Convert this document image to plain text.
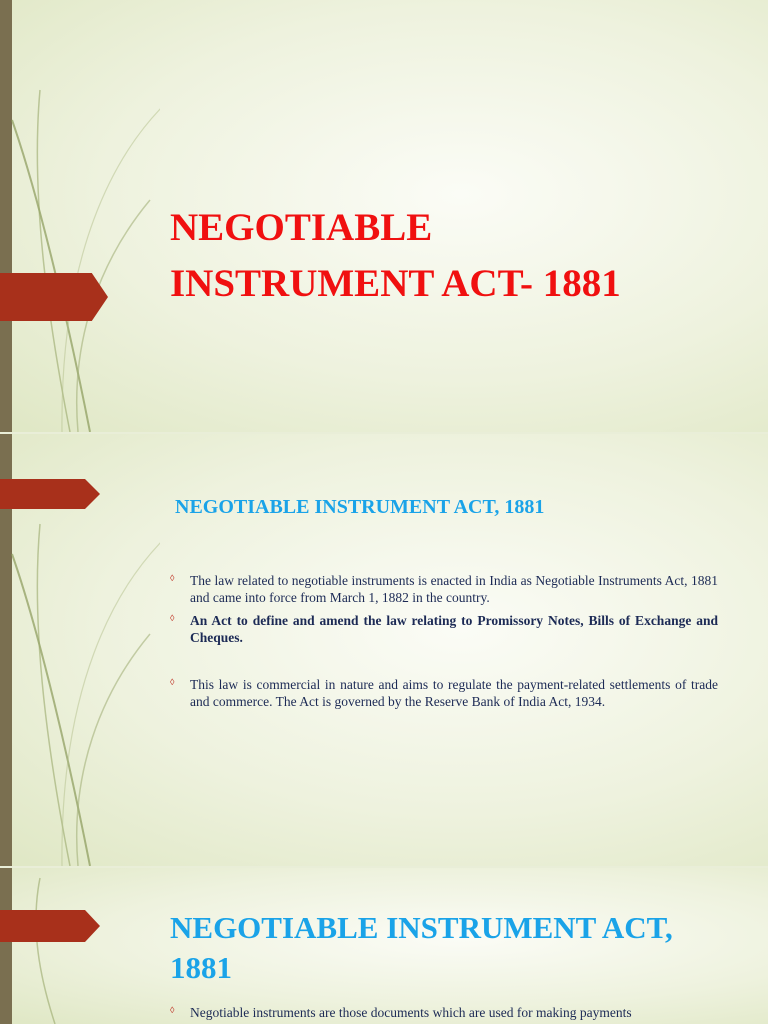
NEGOTIABLE
INSTRUMENT ACT- 1881
NEGOTIABLE INSTRUMENT ACT, 1881
◊ The law related to negotiable instruments is enacted in India as Negotiable Instruments Act, 1881 and came into force from March 1, 1882 in the country.
◊ An Act to define and amend the law relating to Promissory Notes, Bills of Exchange and Cheques.
◊ This law is commercial in nature and aims to regulate the payment-related settlements of trade and commerce. The Act is governed by the Reserve Bank of India Act, 1934.
NEGOTIABLE INSTRUMENT ACT,
1881
◊ Negotiable instruments are those documents which are used for making payments
